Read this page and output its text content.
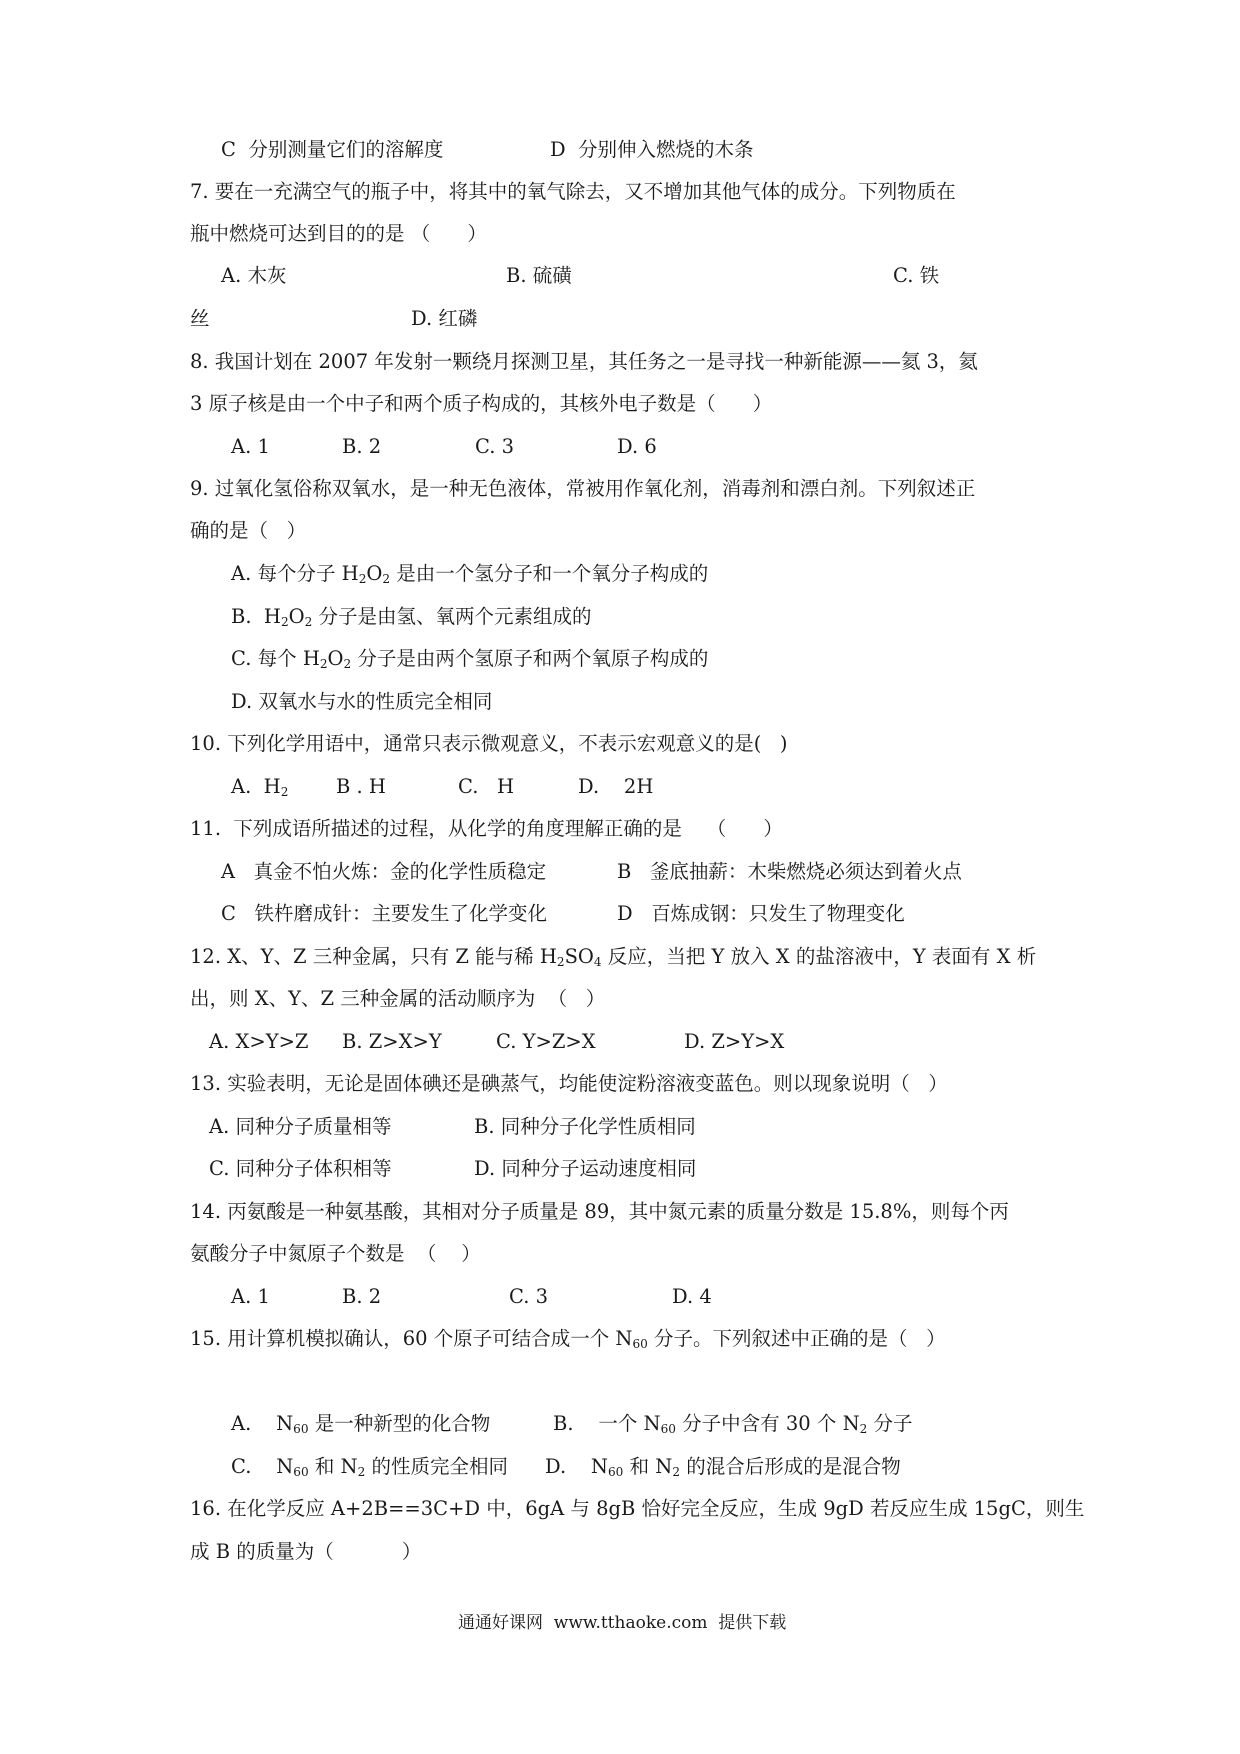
C  分别测量它们的溶解度	D  分别伸入燃烧的木条
7. 要在一充满空气的瓶子中，将其中的氧气除去，又不增加其他气体的成分。下列物质在
瓶中燃烧可达到目的的是 （      ）
A. 木灰	B. 硫磺	C. 铁
丝	D. 红磷
8. 我国计划在 2007 年发射一颗绕月探测卫星，其任务之一是寻找一种新能源——氦 3，氦
3 原子核是由一个中子和两个质子构成的，其核外电子数是（      ）
A. 1	B. 2	C. 3	D. 6
9. 过氧化氢俗称双氧水，是一种无色液体，常被用作氧化剂，消毒剂和漂白剂。下列叙述正
确的是（   ）
A. 每个分子 $H_2O_2$ 是由一个氢分子和一个氧分子构成的
B.  $H_2O_2$ 分子是由氢、氧两个元素组成的
C. 每个 $H_2O_2$ 分子是由两个氢原子和两个氧原子构成的
D. 双氧水与水的性质完全相同
10. 下列化学用语中，通常只表示微观意义，不表示宏观意义的是(   )
A.  $H_2$ B . H	C.   H	D.    2H
11.  下列成语所描述的过程，从化学的角度理解正确的是    （      ）
A   真金不怕火炼：金的化学性质稳定	B   釜底抽薪：木柴燃烧必须达到着火点
C   铁杵磨成针：主要发生了化学变化	D   百炼成钢：只发生了物理变化
12. X、Y、Z 三种金属，只有 Z 能与稀 $H_2SO_4$ 反应，当把 Y 放入 X 的盐溶液中，Y 表面有 X 析
出，则 X、Y、Z 三种金属的活动顺序为  （   ）
A. X>Y>Z B. Z>X>Y	C. Y>Z>X	D. Z>Y>X
13. 实验表明，无论是固体碘还是碘蒸气，均能使淀粉溶液变蓝色。则以现象说明（   ）
A. 同种分子质量相等	B. 同种分子化学性质相同
C. 同种分子体积相等	D. 同种分子运动速度相同
14. 丙氨酸是一种氨基酸，其相对分子质量是 89，其中氮元素的质量分数是 15.8%，则每个丙
氨酸分子中氮原子个数是  （    ）
A. 1	B. 2	C. 3	D. 4
15. 用计算机模拟确认，60 个原子可结合成一个 $N_{60}$ 分子。下列叙述中正确的是（   ）
A.    $N_{60}$ 是一种新型的化合物	B.    一个 $N_{60}$ 分子中含有 30 个 $N_2$ 分子
C.    $N_{60}$ 和 $N_2$ 的性质完全相同 D.    $N_{60}$ 和 $N_2$ 的混合后形成的是混合物
16. 在化学反应 A+2B==3C+D 中，6gA 与 8gB 恰好完全反应，生成 9gD 若反应生成 15gC，则生
成 B 的质量为（           ）
通通好课网  www.tthaoke.com  提供下载
